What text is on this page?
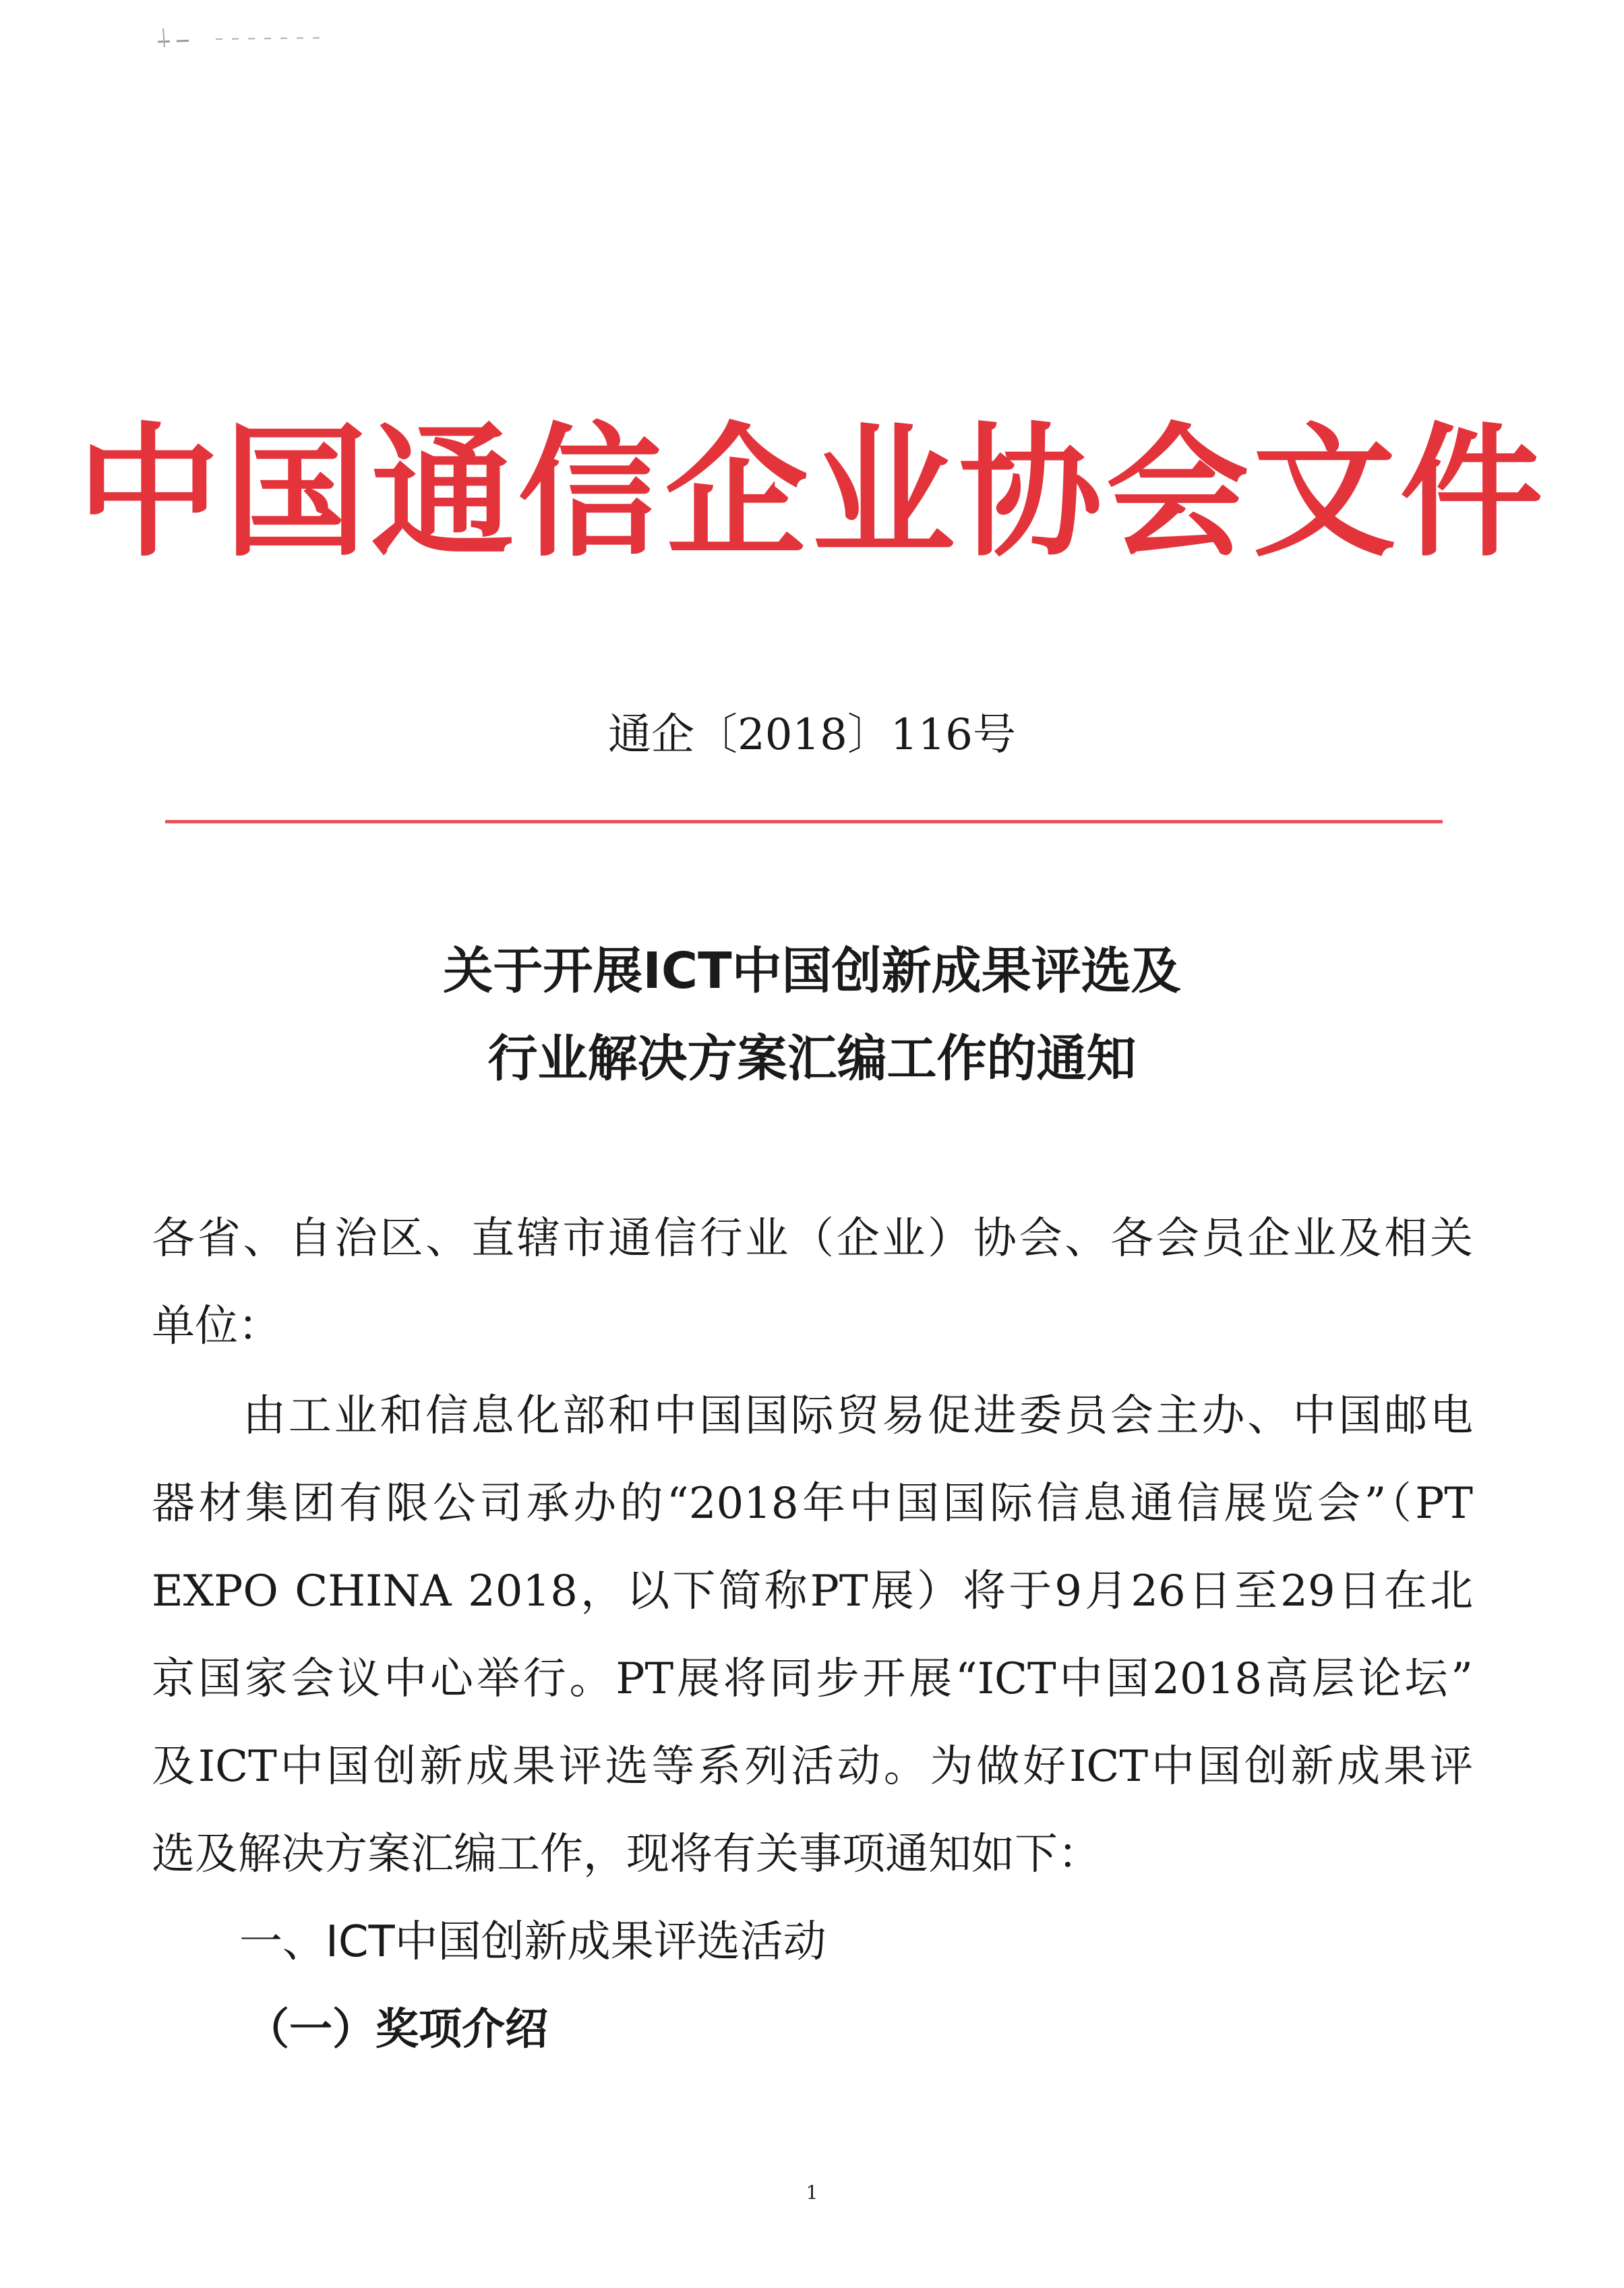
中国通信企业协会文件
通企〔2018〕116号
关于开展ICT中国创新成果评选及
行业解决方案汇编工作的通知
各省、自治区、直辖市通信行业（企业）协会、各会员企业及相关
单位：
由工业和信息化部和中国国际贸易促进委员会主办、中国邮电
器材集团有限公司承办的“2018年中国国际信息通信展览会”（PT
EXPO CHINA 2018，以下简称PT展）将于9月26日至29日在北
京国家会议中心举行。PT展将同步开展“ICT中国2018高层论坛”
及ICT中国创新成果评选等系列活动。为做好ICT中国创新成果评
选及解决方案汇编工作，现将有关事项通知如下：
一、ICT中国创新成果评选活动
（一）奖项介绍
1
